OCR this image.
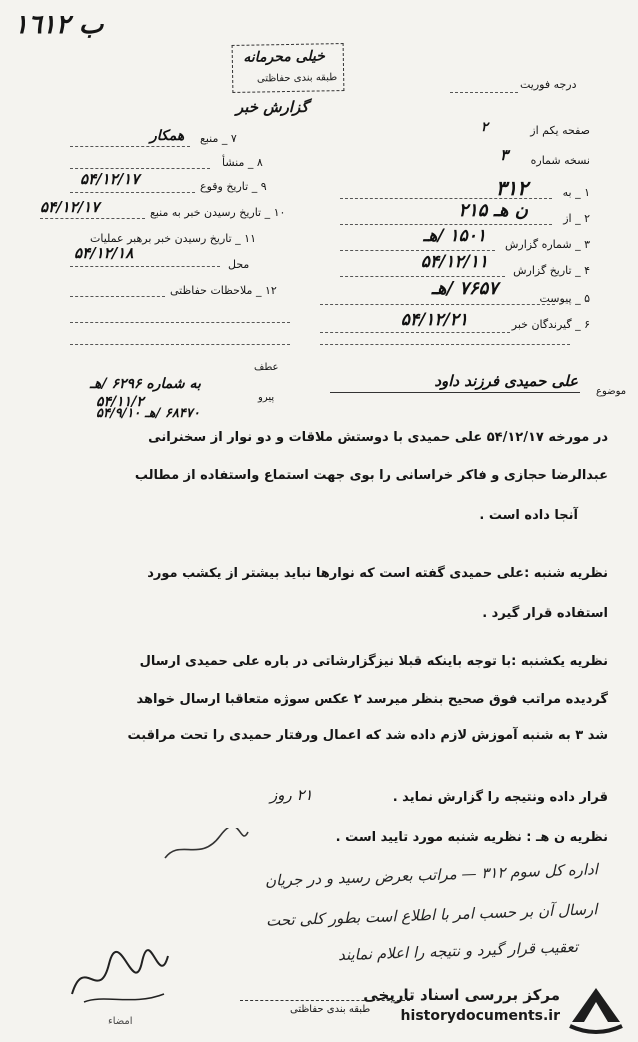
ب ١٦١٢
طبقه بندی حفاظتی
خیلی محرمانه
گزارش خبر
درجه فوریت
صفحه یکم از
۲
نسخه شماره
۳
۱ _ به
۳۱۲
۲ _ از
ن هـ ۲۱۵
۳ _ شماره گزارش
۱۵۰۱ /هـ
۴ _ تاریخ گزارش
۵۴/۱۲/۱۱
۵ _ پیوست
۷۶۵۷ /هـ
۶ _ گیرندگان خبر
۵۴/۱۲/۲۱
۷ _ منبع
همکار
۸ _ منشأ
۹ _ تاریخ وقوع
۵۴/۱۲/۱۷
۱۰ _ تاریخ رسیدن خبر به منبع
۵۴/۱۲/۱۷
۱۱ _ تاریخ رسیدن خبر برهبر عملیات
محل
۵۴/۱۲/۱۸
۱۲ _ ملاحظات حفاظتی
موضوع
علی حمیدی فرزند داود
عطف
به شماره ۶۲۹۶ /هـ
۵۴/۱۱/۲	پیرو
۶۸۴۷۰ /هـ ۵۴/۹/۱۰
در مورخه ۵۴/۱۲/۱۷ علی حمیدی با دوستش ملاقات و دو نوار از سخنرانی
عبدالرضا حجازی و فاکر خراسانی را بوی جهت استماع واستفاده از مطالب
آنجا داده است .
نظریه شنبه :علی حمیدی گفته است که نوارها نباید بیشتر از یکشب مورد
استفاده قرار گیرد .
نظریه یکشنبه :با توجه باینکه قبلا نیزگزارشاتی در باره علی حمیدی ارسال
گردیده مراتب فوق صحیح بنظر میرسد ۲ عکس سوژه متعاقبا ارسال خواهد
شد ۳ به شنبه آموزش لازم داده شد که اعمال ورفتار حمیدی را تحت مراقبت
قرار داده ونتیجه را گزارش نماید .
نظریه ن هـ : نظریه شنبه مورد تایید است .
۲۱ روز
اداره کل سوم ۳۱۲ — مراتب بعرض رسید و در جریان
ارسال آن بر حسب امر با اطلاع است بطور کلی تحت
تعقیب قرار گیرد و نتیجه را اعلام نمایند
امضاء
طبقه بندی حفاظتی
مرکز بررسی اسناد تاریخی
historydocuments.ir
